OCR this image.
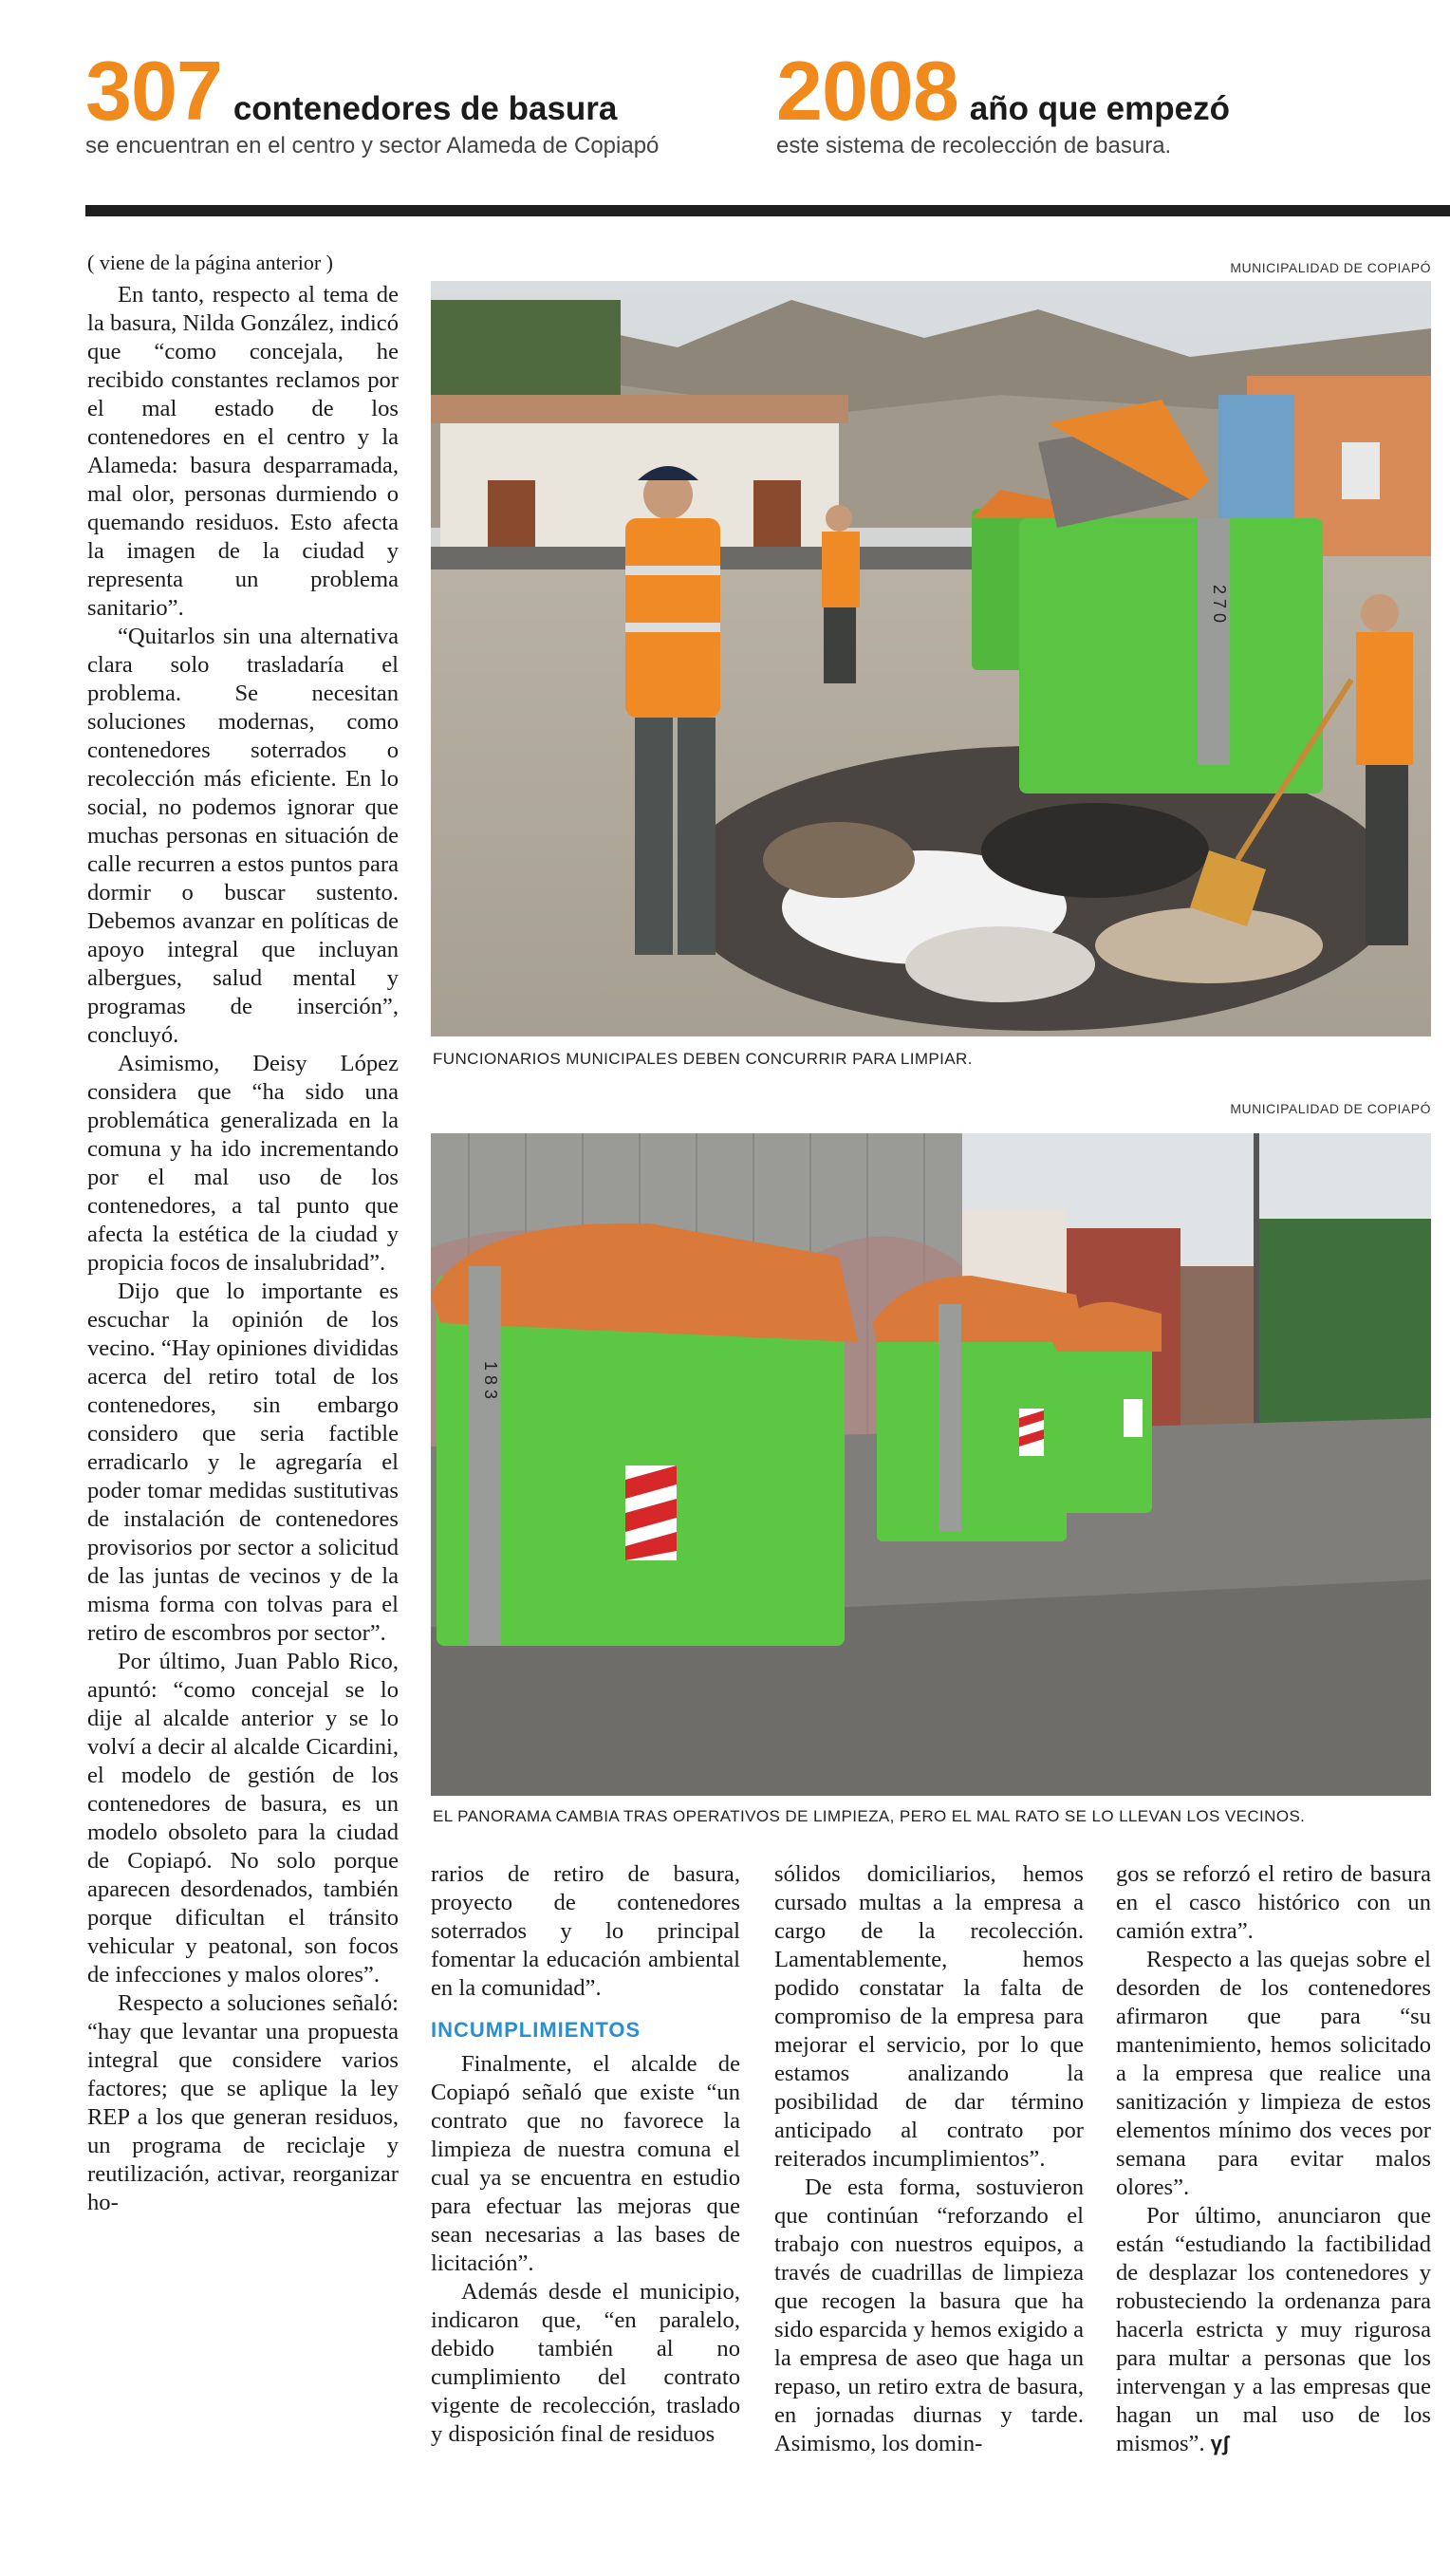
307 contenedores de basura
se encuentran en el centro y sector Alameda de Copiapó
2008 año que empezó
este sistema de recolección de basura.

( viene de la página anterior )

En tanto, respecto al tema de la basura, Nilda González, indicó que “como concejala, he recibido constantes reclamos por el mal estado de los contenedores en el centro y la Alameda: basura desparramada, mal olor, personas durmiendo o quemando residuos. Esto afecta la imagen de la ciudad y representa un problema sanitario”.

“Quitarlos sin una alternativa clara solo trasladaría el problema. Se necesitan soluciones modernas, como contenedores soterrados o recolección más eficiente. En lo social, no podemos ignorar que muchas personas en situación de calle recurren a estos puntos para dormir o buscar sustento. Debemos avanzar en políticas de apoyo integral que incluyan albergues, salud mental y programas de inserción”, concluyó.

Asimismo, Deisy López considera que “ha sido una problemática generalizada en la comuna y ha ido incrementando por el mal uso de los contenedores, a tal punto que afecta la estética de la ciudad y propicia focos de insalubridad”.

Dijo que lo importante es escuchar la opinión de los vecino. “Hay opiniones divididas acerca del retiro total de los contenedores, sin embargo considero que seria factible erradicarlo y le agregaría el poder tomar medidas sustitutivas de instalación de contenedores provisorios por sector a solicitud de las juntas de vecinos y de la misma forma con tolvas para el retiro de escombros por sector”.

Por último, Juan Pablo Rico, apuntó: “como concejal se lo dije al alcalde anterior y se lo volví a decir al alcalde Cicardini, el modelo de gestión de los contenedores de basura, es un modelo obsoleto para la ciudad de Copiapó. No solo porque aparecen desordenados, también porque dificultan el tránsito vehicular y peatonal, son focos de infecciones y malos olores”.

Respecto a soluciones señaló: “hay que levantar una propuesta integral que considere varios factores; que se aplique la ley REP a los que generan residuos, un programa de reciclaje y reutilización, activar, reorganizar ho-

MUNICIPALIDAD DE COPIAPÓ
2 7 0
FUNCIONARIOS MUNICIPALES DEBEN CONCURRIR PARA LIMPIAR.
MUNICIPALIDAD DE COPIAPÓ
1 8 3
EL PANORAMA CAMBIA TRAS OPERATIVOS DE LIMPIEZA, PERO EL MAL RATO SE LO LLEVAN LOS VECINOS.

rarios de retiro de basura, proyecto de contenedores soterrados y lo principal fomentar la educación ambiental en la comunidad”.

INCUMPLIMIENTOS

Finalmente, el alcalde de Copiapó señaló que existe “un contrato que no favorece la limpieza de nuestra comuna el cual ya se encuentra en estudio para efectuar las mejoras que sean necesarias a las bases de licitación”.

Además desde el municipio, indicaron que, “en paralelo, debido también al no cumplimiento del contrato vigente de recolección, traslado y disposición final de residuos

sólidos domiciliarios, hemos cursado multas a la empresa a cargo de la recolección. Lamentablemente, hemos podido constatar la falta de compromiso de la empresa para mejorar el servicio, por lo que estamos analizando la posibilidad de dar término anticipado al contrato por reiterados incumplimientos”.

De esta forma, sostuvieron que continúan “reforzando el trabajo con nuestros equipos, a través de cuadrillas de limpieza que recogen la basura que ha sido esparcida y hemos exigido a la empresa de aseo que haga un repaso, un retiro extra de basura, en jornadas diurnas y tarde. Asimismo, los domin-

gos se reforzó el retiro de basura en el casco histórico con un camión extra”.

Respecto a las quejas sobre el desorden de los contenedores afirmaron que para “su mantenimiento, hemos solicitado a la empresa que realice una sanitización y limpieza de estos elementos mínimo dos veces por semana para evitar malos olores”.

Por último, anunciaron que están “estudiando la factibilidad de desplazar los contenedores y robusteciendo la ordenanza para hacerla estricta y muy rigurosa para multar a personas que los intervengan y a las empresas que hagan un mal uso de los mismos”. γʃ
